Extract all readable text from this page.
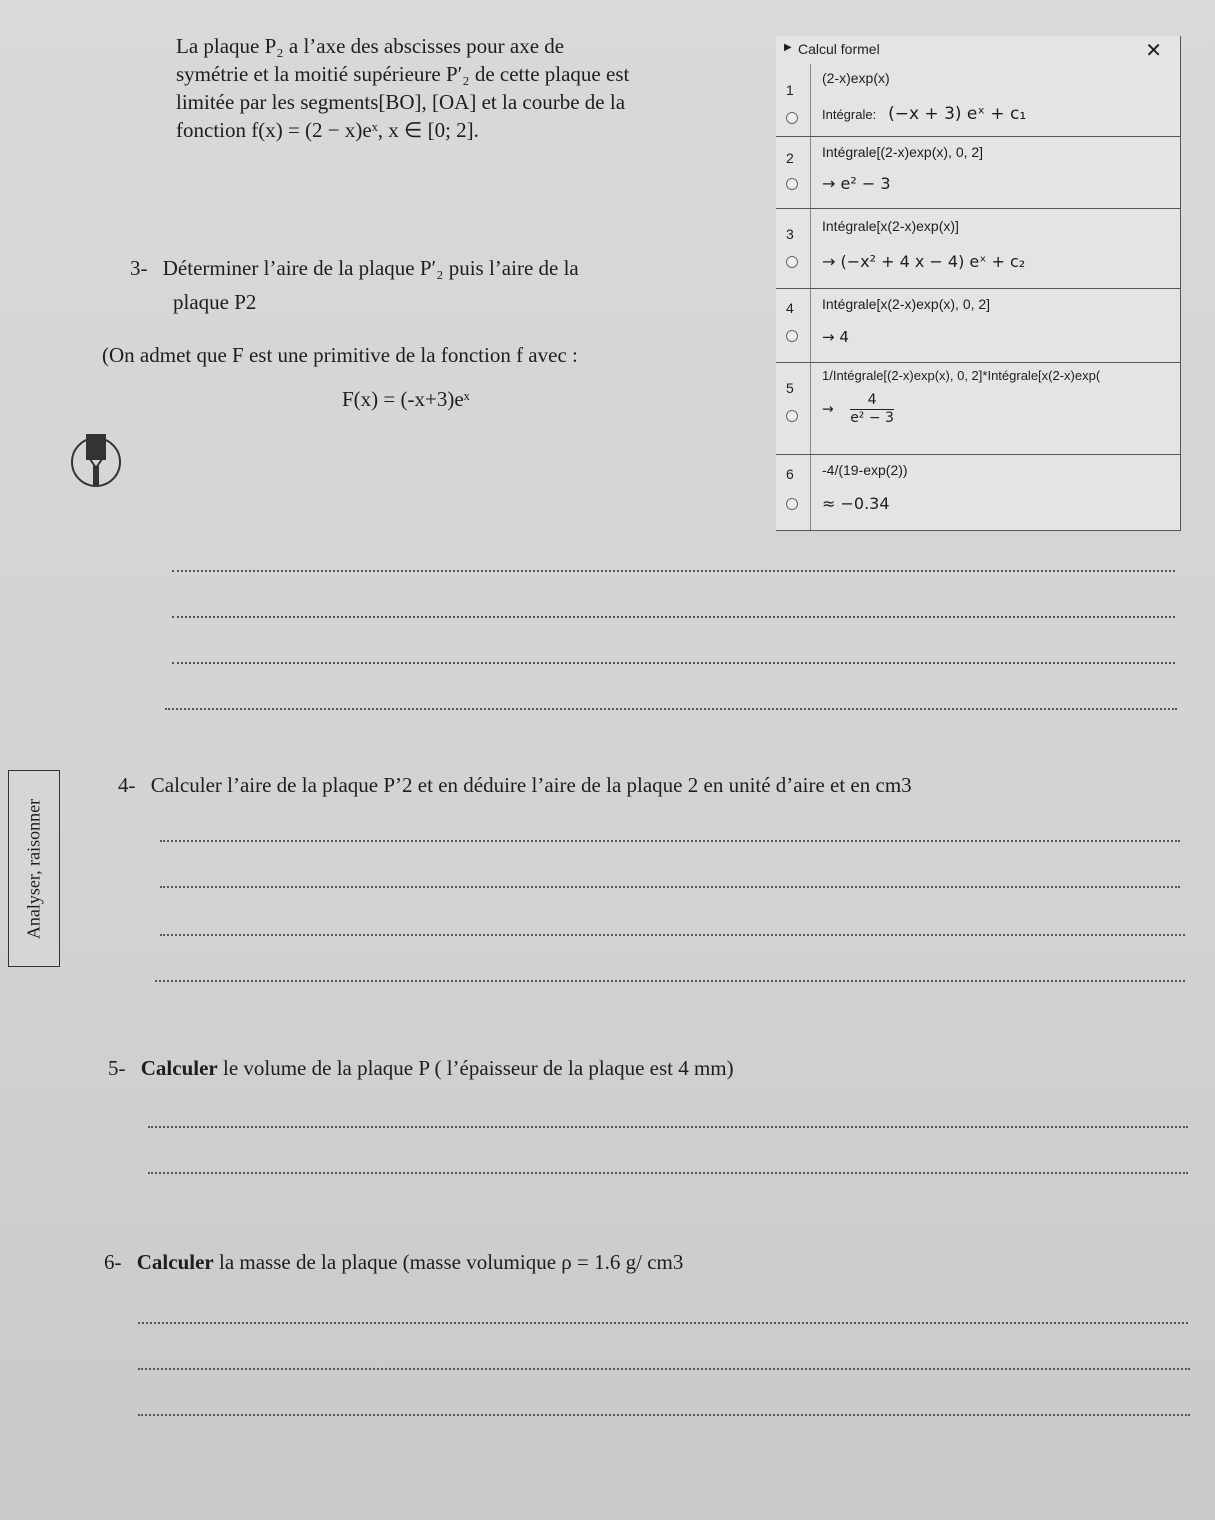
La plaque P₂ a l’axe des abscisses pour axe de
symétrie et la moitié supérieure P′₂ de cette plaque est
limitée par les segments[BO], [OA] et la courbe de la
fonction f(x) = (2 − x)eˣ, x ∈ [0; 2].
3- Déterminer l’aire de la plaque P′₂ puis l’aire de la
plaque P2
(On admet que F est une primitive de la fonction f avec :
F(x) = (-x+3)eˣ
▶ Calcul formel	✕
1
(2-x)exp(x)
Intégrale: (−x + 3) eˣ + c₁
2 Intégrale[(2-x)exp(x), 0, 2]
→ e² − 3
3 Intégrale[x(2-x)exp(x)]
→ (−x² + 4 x − 4) eˣ + c₂
4 Intégrale[x(2-x)exp(x), 0, 2]
→ 4
5
1/Intégrale[(2-x)exp(x), 0, 2]*Intégrale[x(2-x)exp(
→ $\frac{4}{\text{e² − 3}}$
6 -4/(19-exp(2))
≈ −0.34
Analyser, raisonner
4- Calculer l’aire de la plaque P’2 et en déduire l’aire de la plaque 2 en unité d’aire et en cm3
5- Calculer le volume de la plaque P ( l’épaisseur de la plaque est 4 mm)
6- Calculer la masse de la plaque (masse volumique ρ = 1.6 g/ cm3
